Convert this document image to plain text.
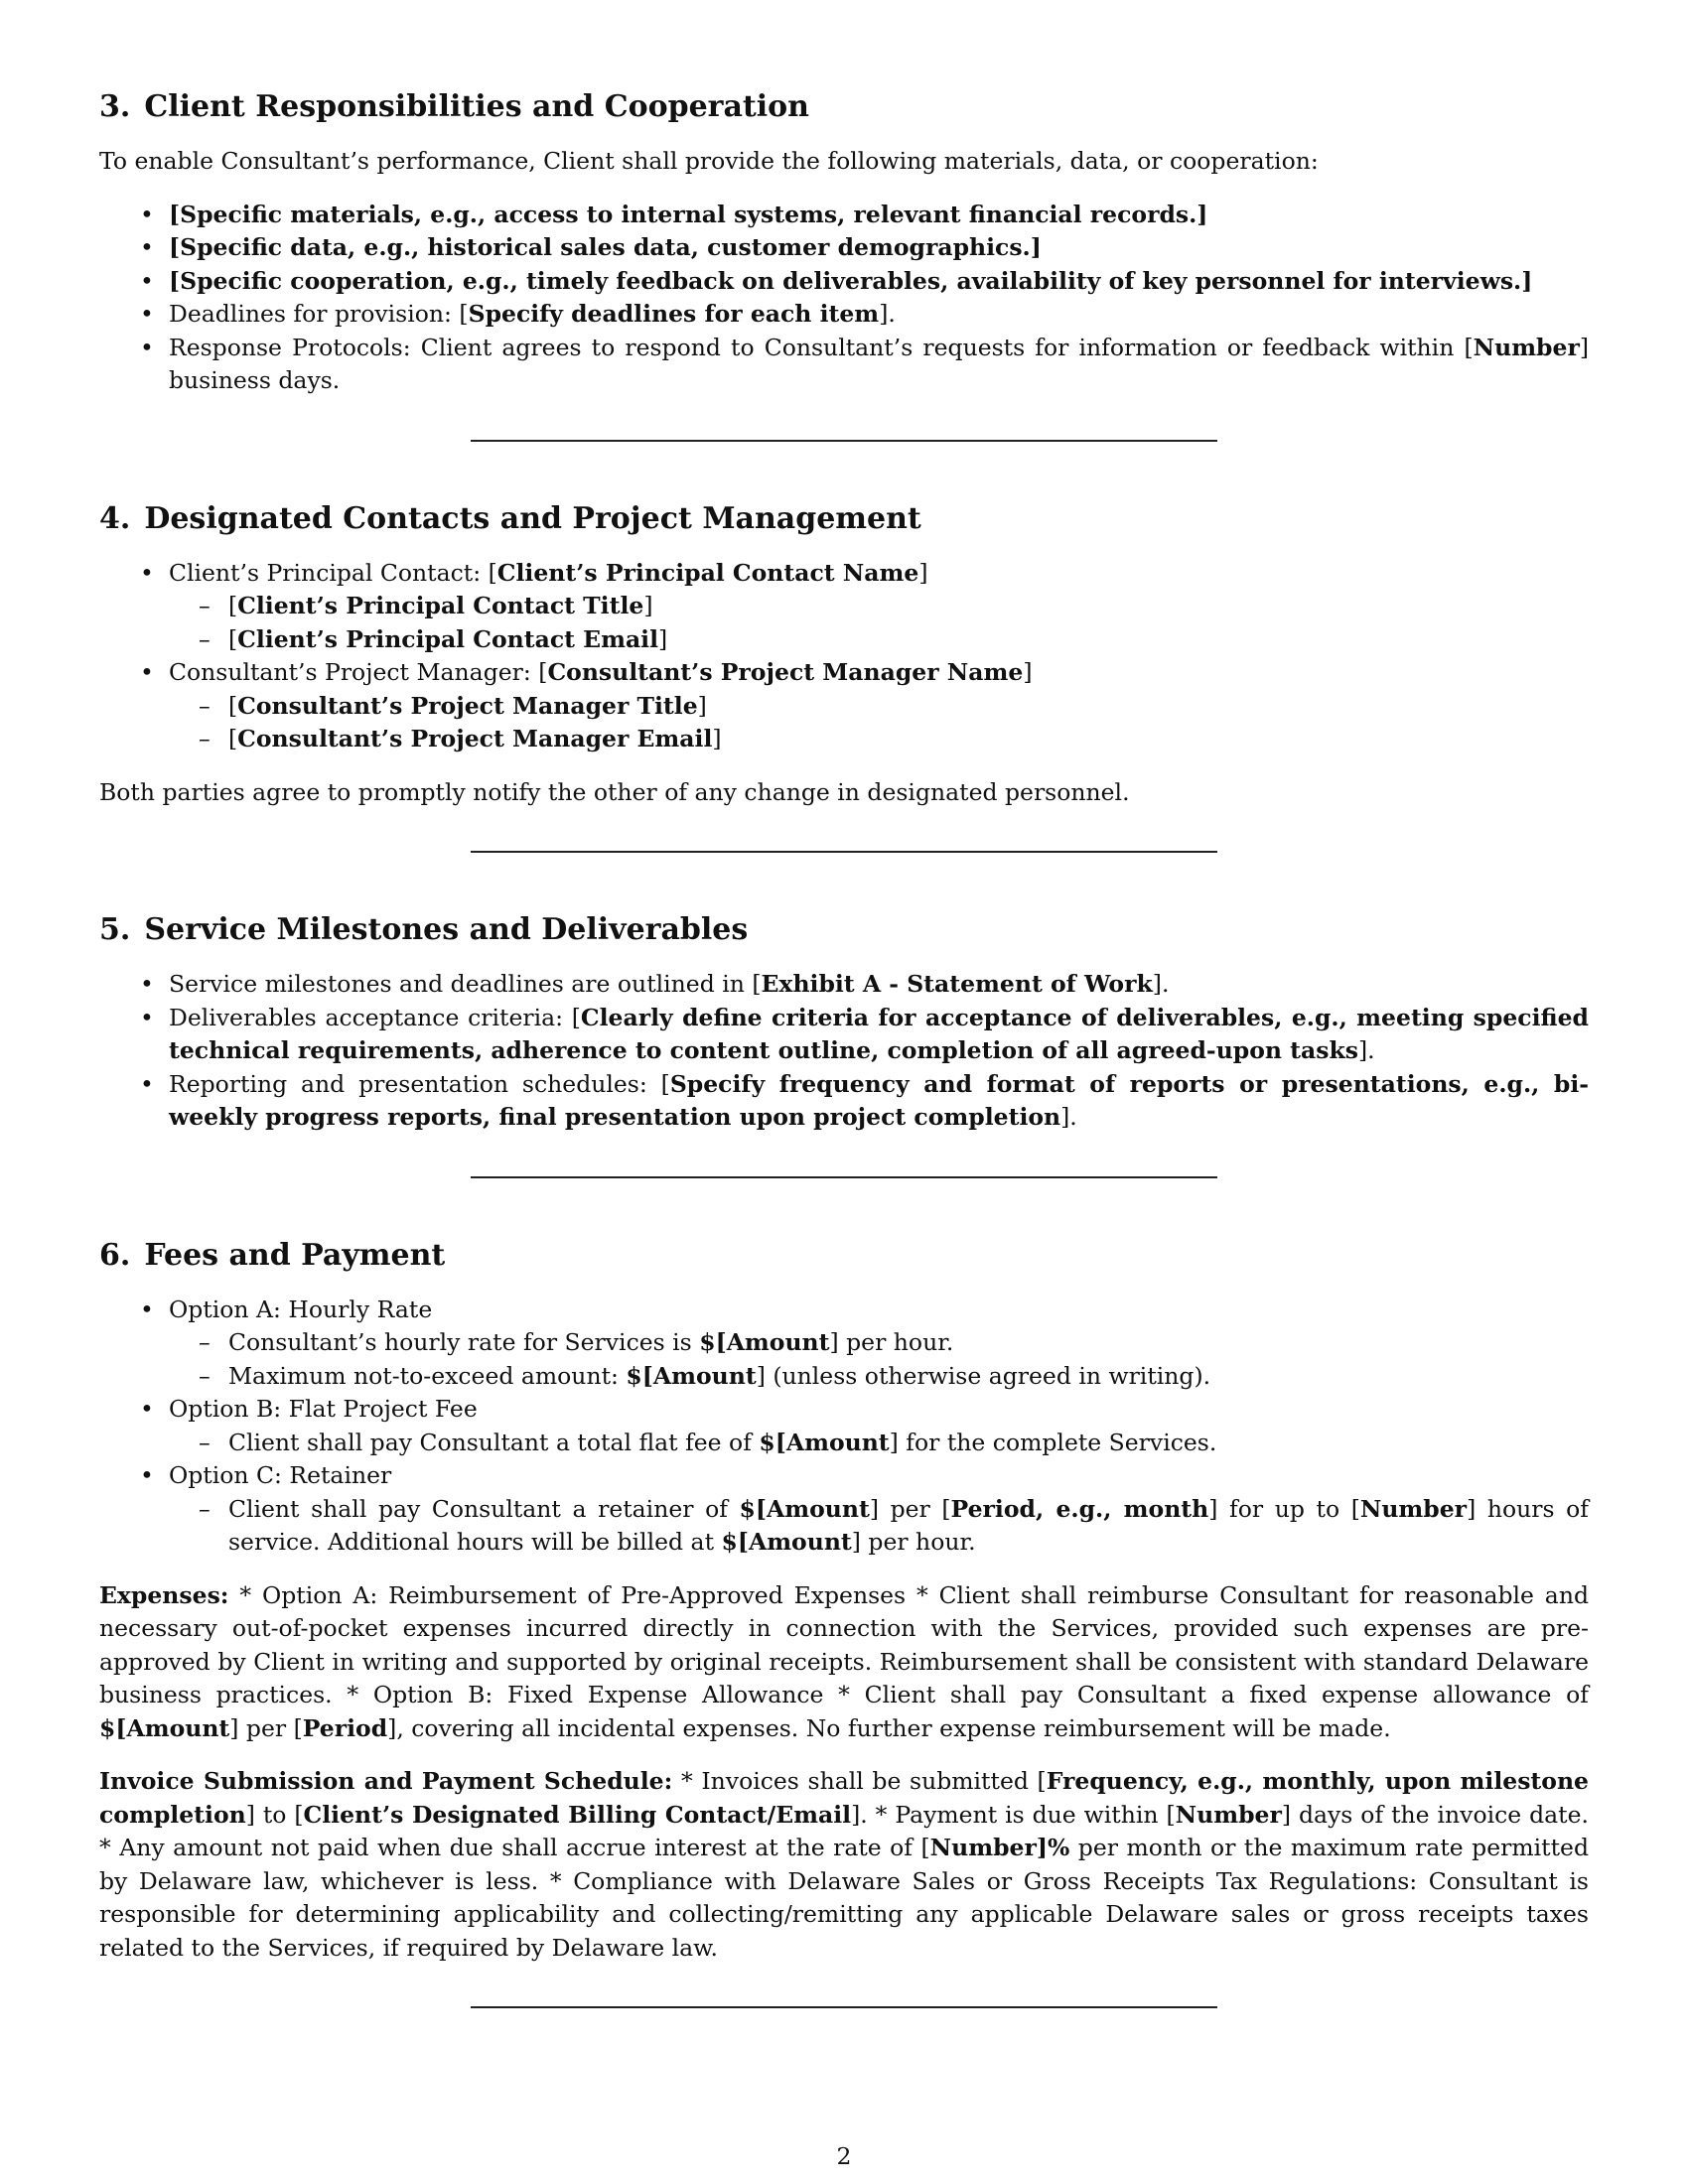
3. Client Responsibilities and Cooperation

To enable Consultant’s performance, Client shall provide the following materials, data, or cooperation:

• [Specific materials, e.g., access to internal systems, relevant financial records.]
• [Specific data, e.g., historical sales data, customer demographics.]
• [Specific cooperation, e.g., timely feedback on deliverables, availability of key personnel for interviews.]
• Deadlines for provision: [Specify deadlines for each item].
• Response Protocols: Client agrees to respond to Consultant’s requests for information or feedback within [Number] business days.
4. Designated Contacts and Project Management
• Client’s Principal Contact: [Client’s Principal Contact Name]
– [Client’s Principal Contact Title]
– [Client’s Principal Contact Email]
• Consultant’s Project Manager: [Consultant’s Project Manager Name]
– [Consultant’s Project Manager Title]
– [Consultant’s Project Manager Email]

Both parties agree to promptly notify the other of any change in designated personnel.

5. Service Milestones and Deliverables
• Service milestones and deadlines are outlined in [Exhibit A - Statement of Work].
• Deliverables acceptance criteria: [Clearly define criteria for acceptance of deliverables, e.g., meeting specified technical requirements, adherence to content outline, completion of all agreed-upon tasks].
• Reporting and presentation schedules: [Specify frequency and format of reports or presentations, e.g., bi-weekly progress reports, final presentation upon project completion].
6. Fees and Payment
• Option A: Hourly Rate
– Consultant’s hourly rate for Services is $[Amount] per hour.
– Maximum not-to-exceed amount: $[Amount] (unless otherwise agreed in writing).
• Option B: Flat Project Fee
– Client shall pay Consultant a total flat fee of $[Amount] for the complete Services.
• Option C: Retainer
– Client shall pay Consultant a retainer of $[Amount] per [Period, e.g., month] for up to [Number] hours of service. Additional hours will be billed at $[Amount] per hour.

Expenses: * Option A: Reimbursement of Pre-Approved Expenses * Client shall reimburse Consultant for reasonable and necessary out-of-pocket expenses incurred directly in connection with the Services, provided such expenses are pre-approved by Client in writing and supported by original receipts. Reimbursement shall be consistent with standard Delaware business practices. * Option B: Fixed Expense Allowance * Client shall pay Consultant a fixed expense allowance of $[Amount] per [Period], covering all incidental expenses. No further expense reimbursement will be made.

Invoice Submission and Payment Schedule: * Invoices shall be submitted [Frequency, e.g., monthly, upon milestone completion] to [Client’s Designated Billing Contact/Email]. * Payment is due within [Number] days of the invoice date. * Any amount not paid when due shall accrue interest at the rate of [Number]% per month or the maximum rate permitted by Delaware law, whichever is less. * Compliance with Delaware Sales or Gross Receipts Tax Regulations: Consultant is responsible for determining applicability and collecting/remitting any applicable Delaware sales or gross receipts taxes related to the Services, if required by Delaware law.

2
